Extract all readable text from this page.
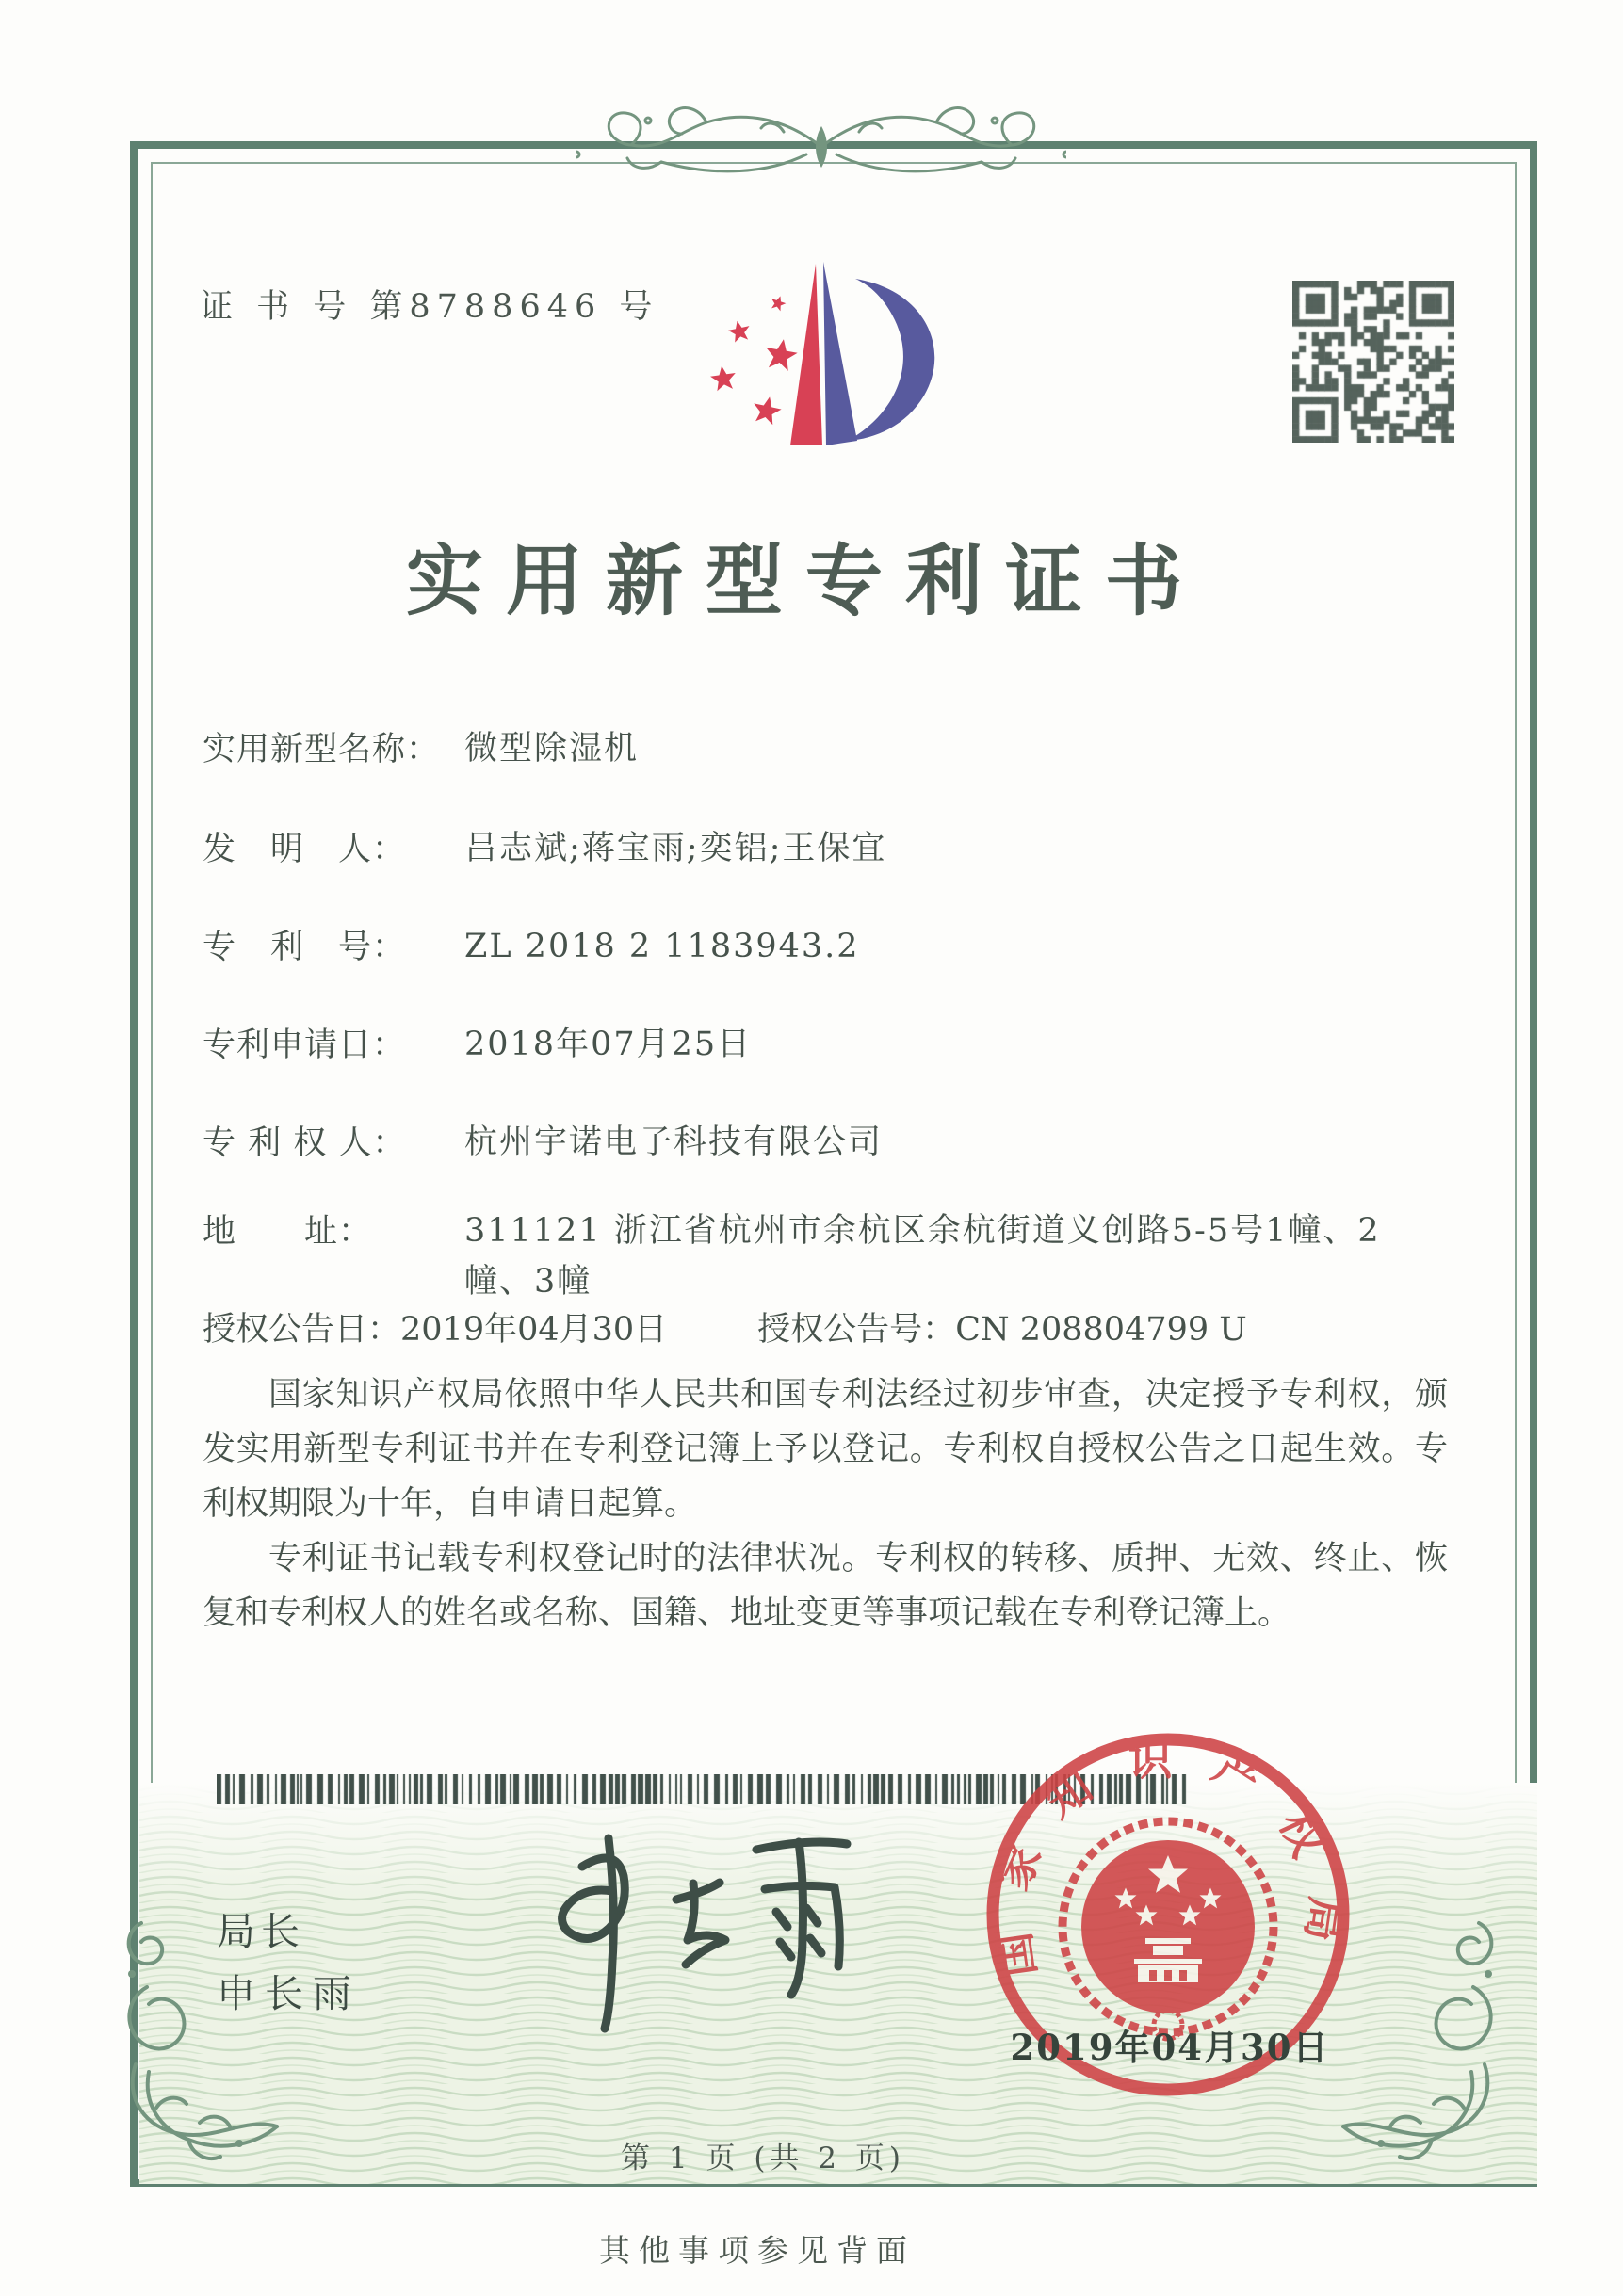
证 书 号 第8788646 号
实用新型专利证书
实用新型名称： 微型除湿机
发　明　人：	吕志斌;蒋宝雨;奕铝;王保宜
专　利　号：	ZL 2018 2 1183943.2
专利申请日：	2018年07月25日
专 利 权 人：	杭州宇诺电子科技有限公司
地　　址：	311121 浙江省杭州市余杭区余杭街道义创路5-5号1幢、2幢、3幢
授权公告日：2019年04月30日	授权公告号：CN 208804799 U

国家知识产权局依照中华人民共和国专利法经过初步审查，决定授予专利权，颁发实用新型专利证书并在专利登记簿上予以登记。专利权自授权公告之日起生效。专利权期限为十年，自申请日起算。

专利证书记载专利权登记时的法律状况。专利权的转移、质押、无效、终止、恢复和专利权人的姓名或名称、国籍、地址变更等事项记载在专利登记簿上。

局长
申长雨
国家知识产权局
2019年04月30日
第 1 页 (共 2 页)
其他事项参见背面
